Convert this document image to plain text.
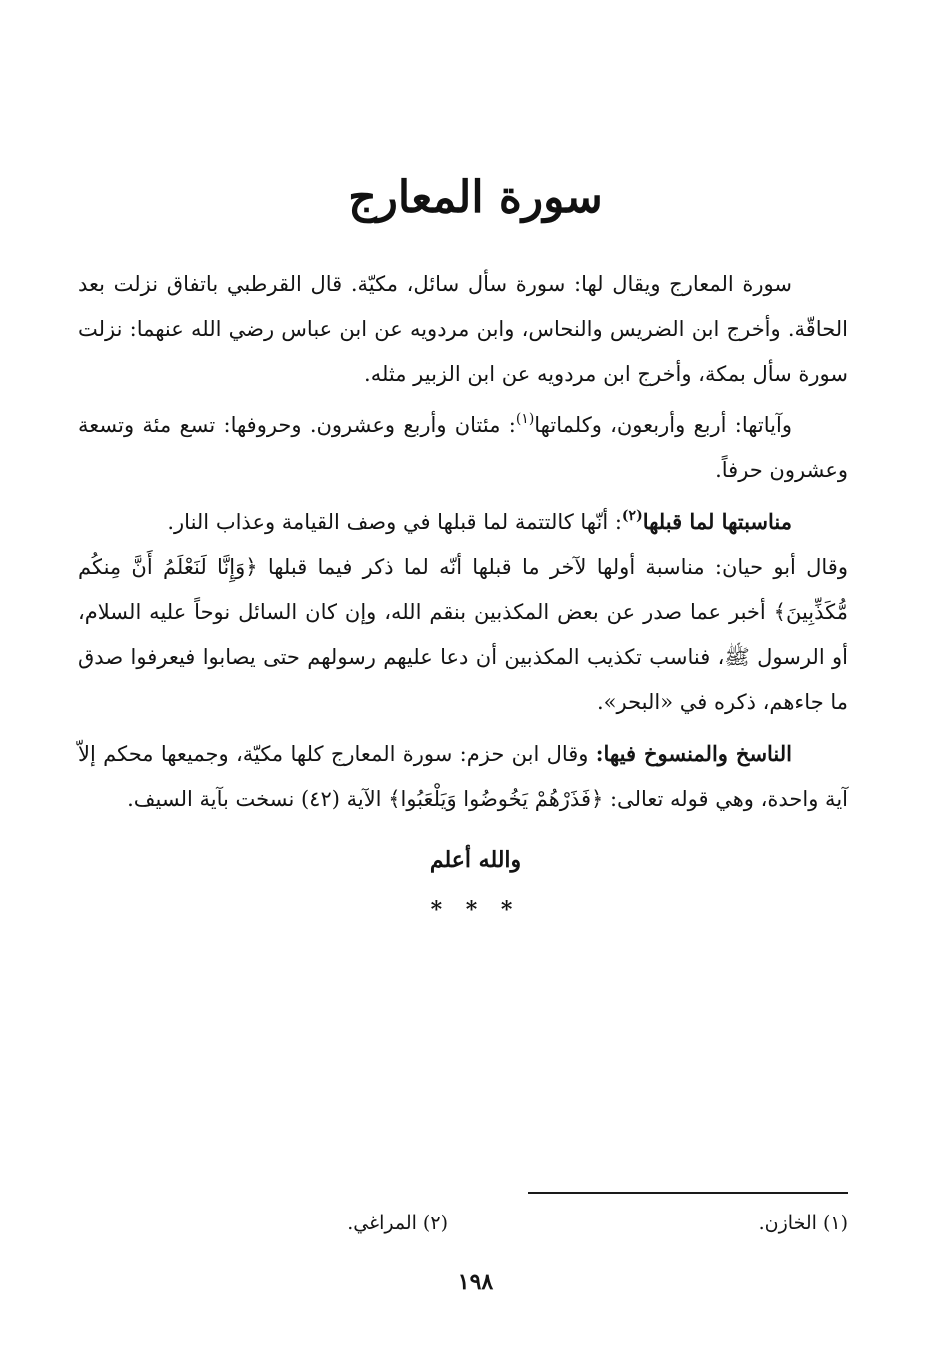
سورة المعارج

سورة المعارج ويقال لها: سورة سأل سائل، مكيّة. قال القرطبي باتفاق نزلت بعد الحاقّة. وأخرج ابن الضريس والنحاس، وابن مردويه عن ابن عباس رضي الله عنهما: نزلت سورة سأل بمكة، وأخرج ابن مردويه عن ابن الزبير مثله.

وآياتها: أربع وأربعون، وكلماتها$^{(١)}$: مئتان وأربع وعشرون. وحروفها: تسع مئة وتسعة وعشرون حرفاً.

مناسبتها لما قبلها$^{(٢)}$: أنّها كالتتمة لما قبلها في وصف القيامة وعذاب النار.

وقال أبو حيان: مناسبة أولها لآخر ما قبلها أنّه لما ذكر فيما قبلها ﴿وَإِنَّا لَنَعْلَمُ أَنَّ مِنكُم مُّكَذِّبِينَ﴾ أخبر عما صدر عن بعض المكذبين بنقم الله، وإن كان السائل نوحاً عليه السلام، أو الرسول ﷺ، فناسب تكذيب المكذبين أن دعا عليهم رسولهم حتى يصابوا فيعرفوا صدق ما جاءهم، ذكره في «البحر».

الناسخ والمنسوخ فيها: وقال ابن حزم: سورة المعارج كلها مكيّة، وجميعها محكم إلاّ آية واحدة، وهي قوله تعالى: ﴿فَذَرْهُمْ يَخُوضُوا وَيَلْعَبُوا﴾ الآية (٤٢) نسخت بآية السيف.

والله أعلم
* * *
(١) الخازن.
(٢) المراغي.
١٩٨
